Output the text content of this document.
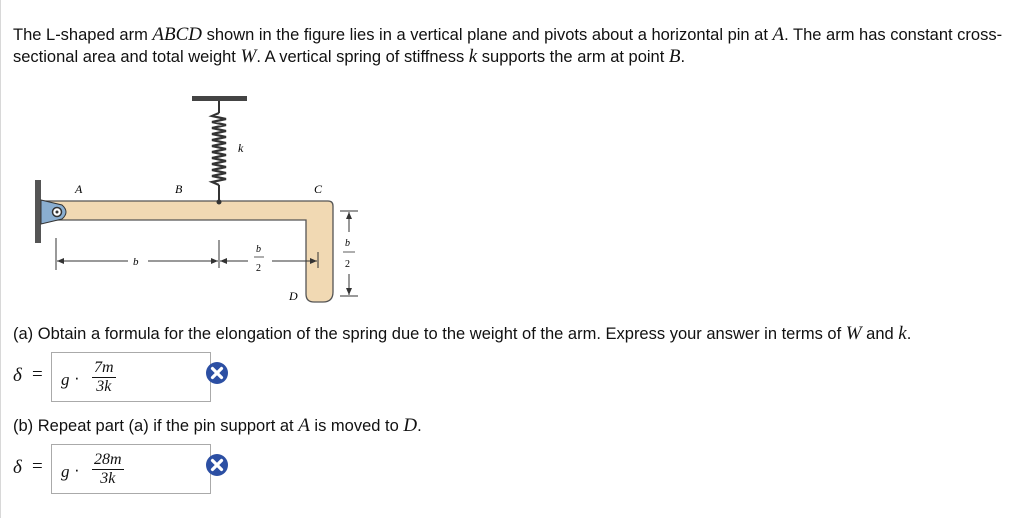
The L-shaped arm ABCD shown in the figure lies in a vertical plane and pivots about a horizontal pin at A. The arm has constant cross-sectional area and total weight W. A vertical spring of stiffness k supports the arm at point B.
A	B	C
D
k
b
b
2
b
2
(a) Obtain a formula for the elongation of the spring due to the weight of the arm. Express your answer in terms of W and k.
$\delta = g \cdot \frac{7m}{3k}$
(b) Repeat part (a) if the pin support at A is moved to D.
$\delta = g \cdot \frac{28m}{3k}$
